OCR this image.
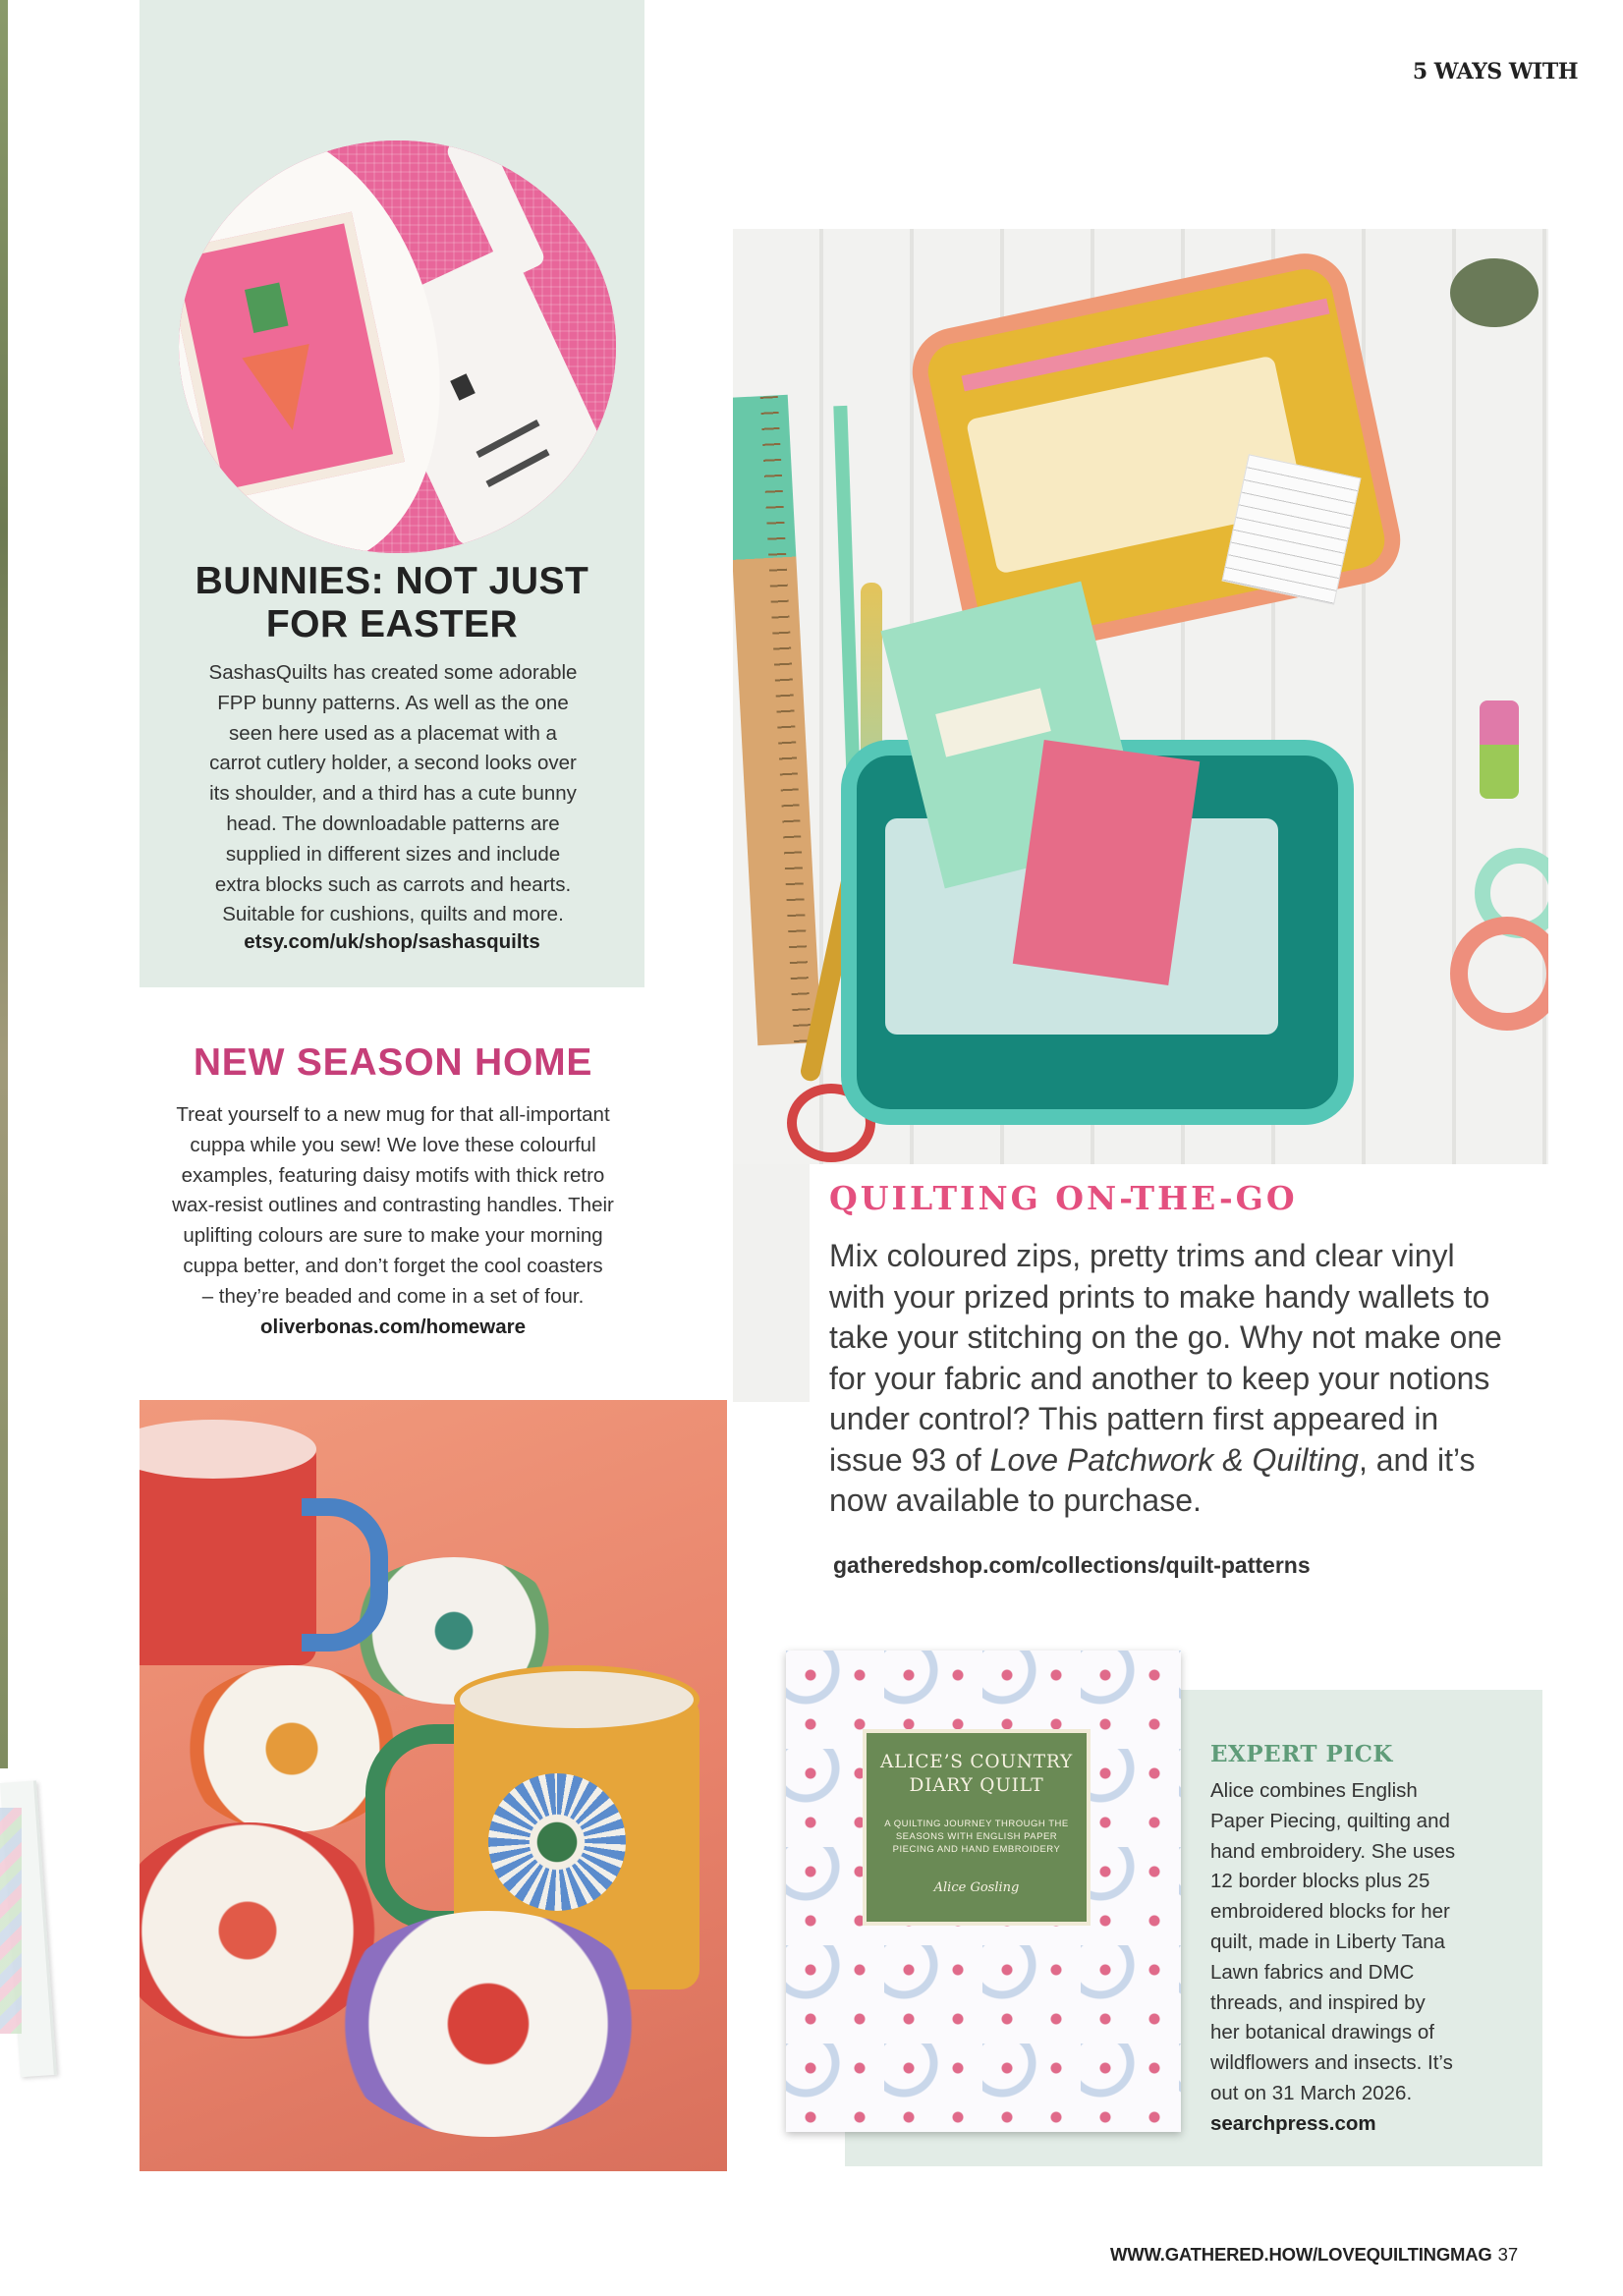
5 WAYS WITH
BUNNIES: NOT JUST
FOR EASTER
SashasQuilts has created some adorable
FPP bunny patterns. As well as the one
seen here used as a placemat with a
carrot cutlery holder, a second looks over
its shoulder, and a third has a cute bunny
head. The downloadable patterns are
supplied in different sizes and include
extra blocks such as carrots and hearts.
Suitable for cushions, quilts and more.
etsy.com/uk/shop/sashasquilts
NEW SEASON HOME
Treat yourself to a new mug for that all-important
cuppa while you sew! We love these colourful
examples, featuring daisy motifs with thick retro
wax-resist outlines and contrasting handles. Their
uplifting colours are sure to make your morning
cuppa better, and don’t forget the cool coasters
– they’re beaded and come in a set of four.
oliverbonas.com/homeware
QUILTING ON-THE-GO
Mix coloured zips, pretty trims and clear vinyl
with your prized prints to make handy wallets to
take your stitching on the go. Why not make one
for your fabric and another to keep your notions
under control? This pattern first appeared in
issue 93 of Love Patchwork & Quilting, and it’s
now available to purchase.
gatheredshop.com/collections/quilt-patterns
ALICE’S COUNTRY
DIARY QUILT
A QUILTING JOURNEY THROUGH THE SEASONS WITH ENGLISH PAPER PIECING AND HAND EMBROIDERY
Alice Gosling
EXPERT PICK
Alice combines English
Paper Piecing, quilting and
hand embroidery. She uses
12 border blocks plus 25
embroidered blocks for her
quilt, made in Liberty Tana
Lawn fabrics and DMC
threads, and inspired by
her botanical drawings of
wildflowers and insects. It’s
out on 31 March 2026.
searchpress.com
WWW.GATHERED.HOW/LOVEQUILTINGMAG 37
